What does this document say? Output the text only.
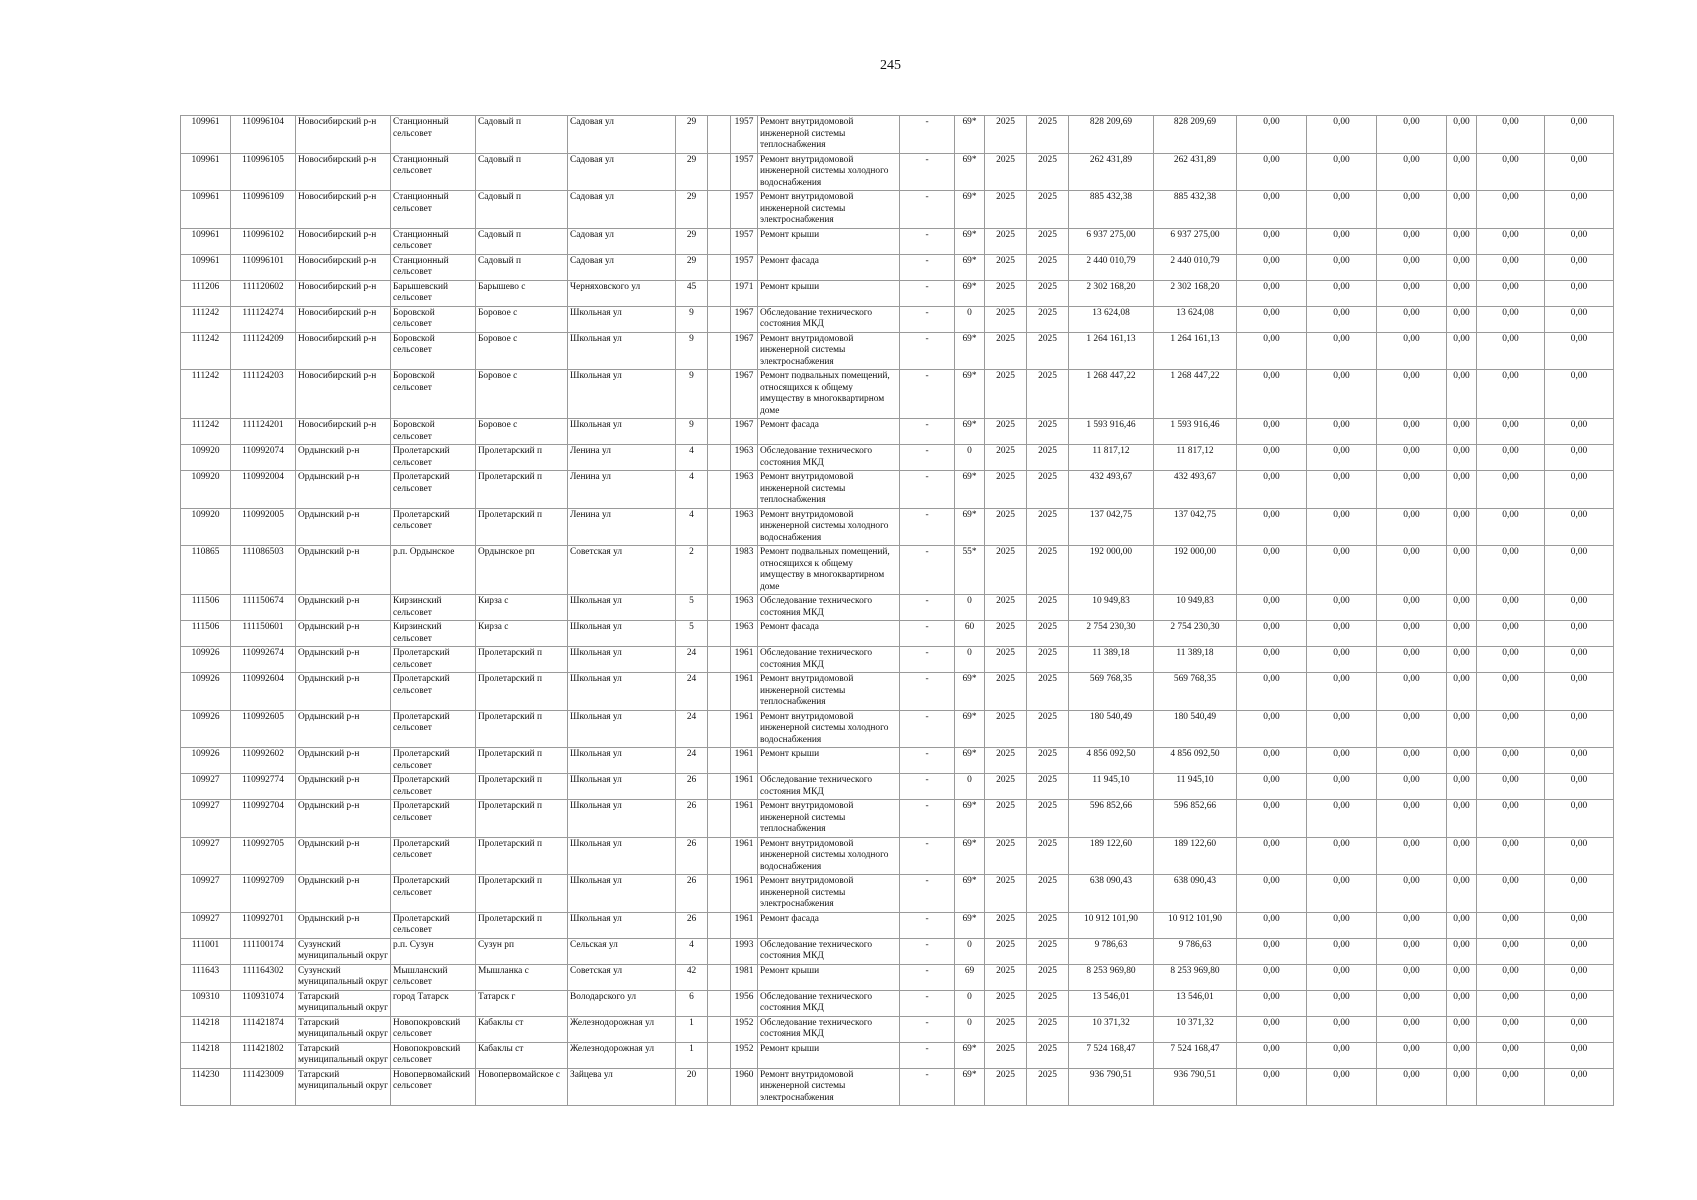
245
109961	110996104	Новосибирский р-н	Станционный сельсовет	Садовый п	Садовая ул	29		1957	Ремонт внутридомовой инженерной системы теплоснабжения	-	69*	2025	2025	828 209,69	828 209,69	0,00	0,00	0,00	0,00	0,00	0,00
109961	110996105	Новосибирский р-н	Станционный сельсовет	Садовый п	Садовая ул	29		1957	Ремонт внутридомовой инженерной системы холодного водоснабжения	-	69*	2025	2025	262 431,89	262 431,89	0,00	0,00	0,00	0,00	0,00	0,00
109961	110996109	Новосибирский р-н	Станционный сельсовет	Садовый п	Садовая ул	29		1957	Ремонт внутридомовой инженерной системы электроснабжения	-	69*	2025	2025	885 432,38	885 432,38	0,00	0,00	0,00	0,00	0,00	0,00
109961	110996102	Новосибирский р-н	Станционный сельсовет	Садовый п	Садовая ул	29		1957	Ремонт крыши	-	69*	2025	2025	6 937 275,00	6 937 275,00	0,00	0,00	0,00	0,00	0,00	0,00
109961	110996101	Новосибирский р-н	Станционный сельсовет	Садовый п	Садовая ул	29		1957	Ремонт фасада	-	69*	2025	2025	2 440 010,79	2 440 010,79	0,00	0,00	0,00	0,00	0,00	0,00
111206	111120602	Новосибирский р-н	Барышевский сельсовет	Барышево с	Черняховского ул	45		1971	Ремонт крыши	-	69*	2025	2025	2 302 168,20	2 302 168,20	0,00	0,00	0,00	0,00	0,00	0,00
111242	111124274	Новосибирский р-н	Боровской сельсовет	Боровое с	Школьная ул	9		1967	Обследование технического состояния МКД	-	0	2025	2025	13 624,08	13 624,08	0,00	0,00	0,00	0,00	0,00	0,00
111242	111124209	Новосибирский р-н	Боровской сельсовет	Боровое с	Школьная ул	9		1967	Ремонт внутридомовой инженерной системы электроснабжения	-	69*	2025	2025	1 264 161,13	1 264 161,13	0,00	0,00	0,00	0,00	0,00	0,00
111242	111124203	Новосибирский р-н	Боровской сельсовет	Боровое с	Школьная ул	9		1967	Ремонт подвальных помещений, относящихся к общему имуществу в многоквартирном доме	-	69*	2025	2025	1 268 447,22	1 268 447,22	0,00	0,00	0,00	0,00	0,00	0,00
111242	111124201	Новосибирский р-н	Боровской сельсовет	Боровое с	Школьная ул	9		1967	Ремонт фасада	-	69*	2025	2025	1 593 916,46	1 593 916,46	0,00	0,00	0,00	0,00	0,00	0,00
109920	110992074	Ордынский р-н	Пролетарский сельсовет	Пролетарский п	Ленина ул	4		1963	Обследование технического состояния МКД	-	0	2025	2025	11 817,12	11 817,12	0,00	0,00	0,00	0,00	0,00	0,00
109920	110992004	Ордынский р-н	Пролетарский сельсовет	Пролетарский п	Ленина ул	4		1963	Ремонт внутридомовой инженерной системы теплоснабжения	-	69*	2025	2025	432 493,67	432 493,67	0,00	0,00	0,00	0,00	0,00	0,00
109920	110992005	Ордынский р-н	Пролетарский сельсовет	Пролетарский п	Ленина ул	4		1963	Ремонт внутридомовой инженерной системы холодного водоснабжения	-	69*	2025	2025	137 042,75	137 042,75	0,00	0,00	0,00	0,00	0,00	0,00
110865	111086503	Ордынский р-н	р.п. Ордынское	Ордынское рп	Советская ул	2		1983	Ремонт подвальных помещений, относящихся к общему имуществу в многоквартирном доме	-	55*	2025	2025	192 000,00	192 000,00	0,00	0,00	0,00	0,00	0,00	0,00
111506	111150674	Ордынский р-н	Кирзинский сельсовет	Кирза с	Школьная ул	5		1963	Обследование технического состояния МКД	-	0	2025	2025	10 949,83	10 949,83	0,00	0,00	0,00	0,00	0,00	0,00
111506	111150601	Ордынский р-н	Кирзинский сельсовет	Кирза с	Школьная ул	5		1963	Ремонт фасада	-	60	2025	2025	2 754 230,30	2 754 230,30	0,00	0,00	0,00	0,00	0,00	0,00
109926	110992674	Ордынский р-н	Пролетарский сельсовет	Пролетарский п	Школьная ул	24		1961	Обследование технического состояния МКД	-	0	2025	2025	11 389,18	11 389,18	0,00	0,00	0,00	0,00	0,00	0,00
109926	110992604	Ордынский р-н	Пролетарский сельсовет	Пролетарский п	Школьная ул	24		1961	Ремонт внутридомовой инженерной системы теплоснабжения	-	69*	2025	2025	569 768,35	569 768,35	0,00	0,00	0,00	0,00	0,00	0,00
109926	110992605	Ордынский р-н	Пролетарский сельсовет	Пролетарский п	Школьная ул	24		1961	Ремонт внутридомовой инженерной системы холодного водоснабжения	-	69*	2025	2025	180 540,49	180 540,49	0,00	0,00	0,00	0,00	0,00	0,00
109926	110992602	Ордынский р-н	Пролетарский сельсовет	Пролетарский п	Школьная ул	24		1961	Ремонт крыши	-	69*	2025	2025	4 856 092,50	4 856 092,50	0,00	0,00	0,00	0,00	0,00	0,00
109927	110992774	Ордынский р-н	Пролетарский сельсовет	Пролетарский п	Школьная ул	26		1961	Обследование технического состояния МКД	-	0	2025	2025	11 945,10	11 945,10	0,00	0,00	0,00	0,00	0,00	0,00
109927	110992704	Ордынский р-н	Пролетарский сельсовет	Пролетарский п	Школьная ул	26		1961	Ремонт внутридомовой инженерной системы теплоснабжения	-	69*	2025	2025	596 852,66	596 852,66	0,00	0,00	0,00	0,00	0,00	0,00
109927	110992705	Ордынский р-н	Пролетарский сельсовет	Пролетарский п	Школьная ул	26		1961	Ремонт внутридомовой инженерной системы холодного водоснабжения	-	69*	2025	2025	189 122,60	189 122,60	0,00	0,00	0,00	0,00	0,00	0,00
109927	110992709	Ордынский р-н	Пролетарский сельсовет	Пролетарский п	Школьная ул	26		1961	Ремонт внутридомовой инженерной системы электроснабжения	-	69*	2025	2025	638 090,43	638 090,43	0,00	0,00	0,00	0,00	0,00	0,00
109927	110992701	Ордынский р-н	Пролетарский сельсовет	Пролетарский п	Школьная ул	26		1961	Ремонт фасада	-	69*	2025	2025	10 912 101,90	10 912 101,90	0,00	0,00	0,00	0,00	0,00	0,00
111001	111100174	Сузунский муниципальный округ	р.п. Сузун	Сузун рп	Сельская ул	4		1993	Обследование технического состояния МКД	-	0	2025	2025	9 786,63	9 786,63	0,00	0,00	0,00	0,00	0,00	0,00
111643	111164302	Сузунский муниципальный округ	Мышланский сельсовет	Мышланка с	Советская ул	42		1981	Ремонт крыши	-	69	2025	2025	8 253 969,80	8 253 969,80	0,00	0,00	0,00	0,00	0,00	0,00
109310	110931074	Татарский муниципальный округ	город Татарск	Татарск г	Володарского ул	6		1956	Обследование технического состояния МКД	-	0	2025	2025	13 546,01	13 546,01	0,00	0,00	0,00	0,00	0,00	0,00
114218	111421874	Татарский муниципальный округ	Новопокровский сельсовет	Кабаклы ст	Железнодорожная ул	1		1952	Обследование технического состояния МКД	-	0	2025	2025	10 371,32	10 371,32	0,00	0,00	0,00	0,00	0,00	0,00
114218	111421802	Татарский муниципальный округ	Новопокровский сельсовет	Кабаклы ст	Железнодорожная ул	1		1952	Ремонт крыши	-	69*	2025	2025	7 524 168,47	7 524 168,47	0,00	0,00	0,00	0,00	0,00	0,00
114230	111423009	Татарский муниципальный округ	Новопервомайский сельсовет	Новопервомайское с	Зайцева ул	20		1960	Ремонт внутридомовой инженерной системы электроснабжения	-	69*	2025	2025	936 790,51	936 790,51	0,00	0,00	0,00	0,00	0,00	0,00
